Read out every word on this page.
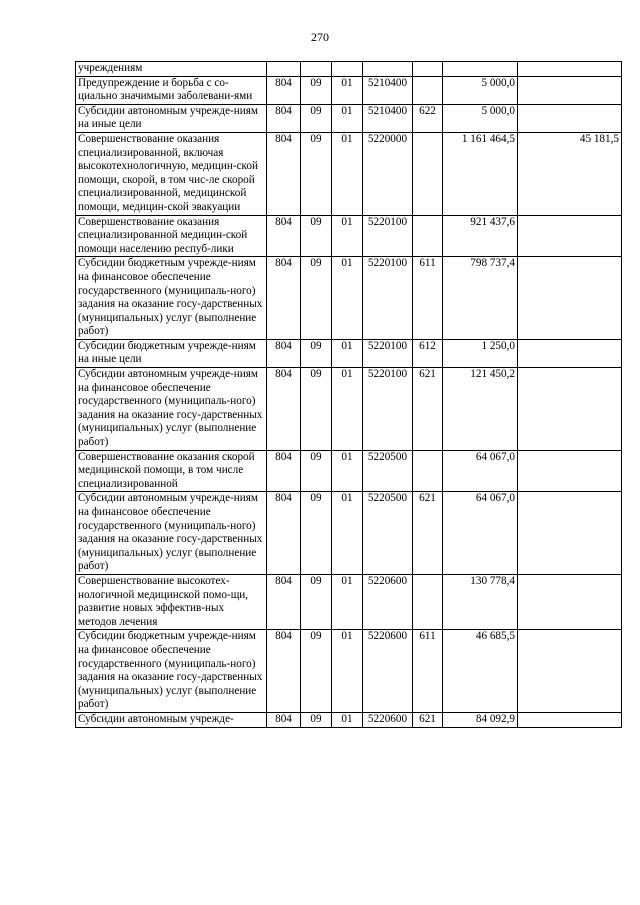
270
учреждениям							
Предупреждение и борьба с со-циально значимыми заболевани-ями	804	09	01	5210400		5 000,0	
Субсидии автономным учрежде-ниям на иные цели	804	09	01	5210400	622	5 000,0	
Совершенствование оказания специализированной, включая высокотехнологичную, медицин-ской помощи, скорой, в том чис-ле скорой специализированной, медицинской помощи, медицин-ской эвакуации	804	09	01	5220000		1 161 464,5	45 181,5
Совершенствование оказания специализированной медицин-ской помощи населению респуб-лики	804	09	01	5220100		921 437,6	
Субсидии бюджетным учрежде-ниям на финансовое обеспечение государственного (муниципаль-ного) задания на оказание госу-дарственных (муниципальных) услуг (выполнение работ)	804	09	01	5220100	611	798 737,4	
Субсидии бюджетным учрежде-ниям на иные цели	804	09	01	5220100	612	1 250,0	
Субсидии автономным учрежде-ниям на финансовое обеспечение государственного (муниципаль-ного) задания на оказание госу-дарственных (муниципальных) услуг (выполнение работ)	804	09	01	5220100	621	121 450,2	
Совершенствование оказания скорой медицинской помощи, в том числе специализированной	804	09	01	5220500		64 067,0	
Субсидии автономным учрежде-ниям на финансовое обеспечение государственного (муниципаль-ного) задания на оказание госу-дарственных (муниципальных) услуг (выполнение работ)	804	09	01	5220500	621	64 067,0	
Совершенствование высокотех-нологичной медицинской помо-щи, развитие новых эффектив-ных методов лечения	804	09	01	5220600		130 778,4	
Субсидии бюджетным учрежде-ниям на финансовое обеспечение государственного (муниципаль-ного) задания на оказание госу-дарственных (муниципальных) услуг (выполнение работ)	804	09	01	5220600	611	46 685,5	
Субсидии автономным учрежде-	804	09	01	5220600	621	84 092,9	
